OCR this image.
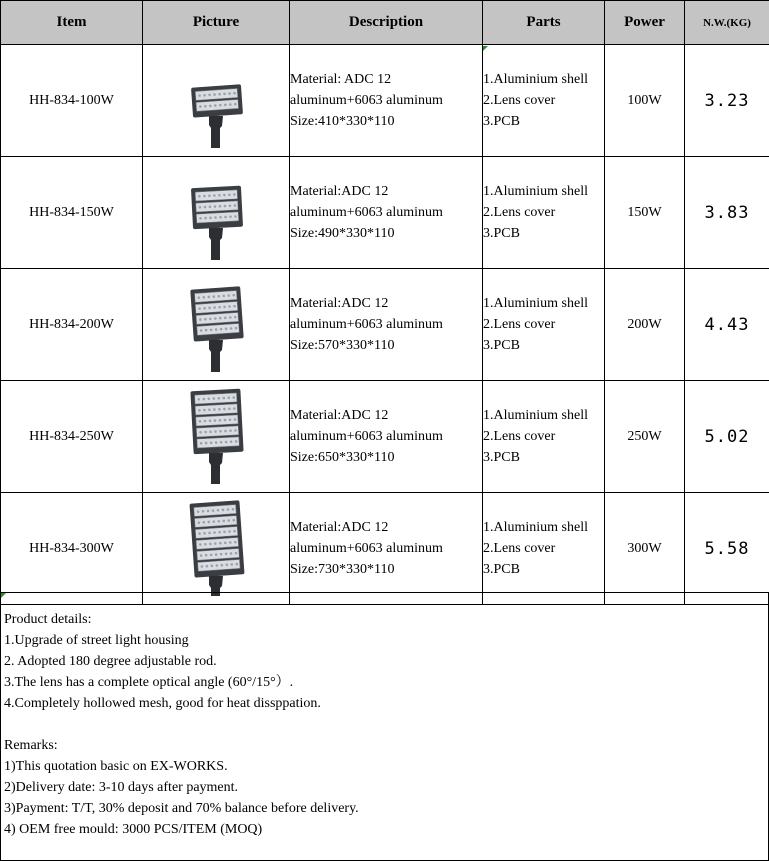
Item	Picture	Description	Parts	Power	N.W.(KG)
HH-834-100W		Material: ADC 12
aluminum+6063 aluminum
Size:410*330*110	1.Aluminium shell
2.Lens cover
3.PCB	100W	3.23
HH-834-150W		Material:ADC 12
aluminum+6063 aluminum
Size:490*330*110	1.Aluminium shell
2.Lens cover
3.PCB	150W	3.83
HH-834-200W		Material:ADC 12
aluminum+6063 aluminum
Size:570*330*110	1.Aluminium shell
2.Lens cover
3.PCB	200W	4.43
HH-834-250W		Material:ADC 12
aluminum+6063 aluminum
Size:650*330*110	1.Aluminium shell
2.Lens cover
3.PCB	250W	5.02
HH-834-300W		Material:ADC 12
aluminum+6063 aluminum
Size:730*330*110	1.Aluminium shell
2.Lens cover
3.PCB	300W	5.58
Product details:
1.Upgrade of street light housing
2. Adopted 180 degree adjustable rod.
3.The lens has a complete optical angle (60°/15°）.
4.Completely hollowed mesh, good for heat dissppation.
Remarks:
1)This quotation basic on EX-WORKS.
2)Delivery date: 3-10 days after payment.
3)Payment: T/T, 30% deposit and 70% balance before delivery.
4) OEM free mould: 3000 PCS/ITEM (MOQ)
